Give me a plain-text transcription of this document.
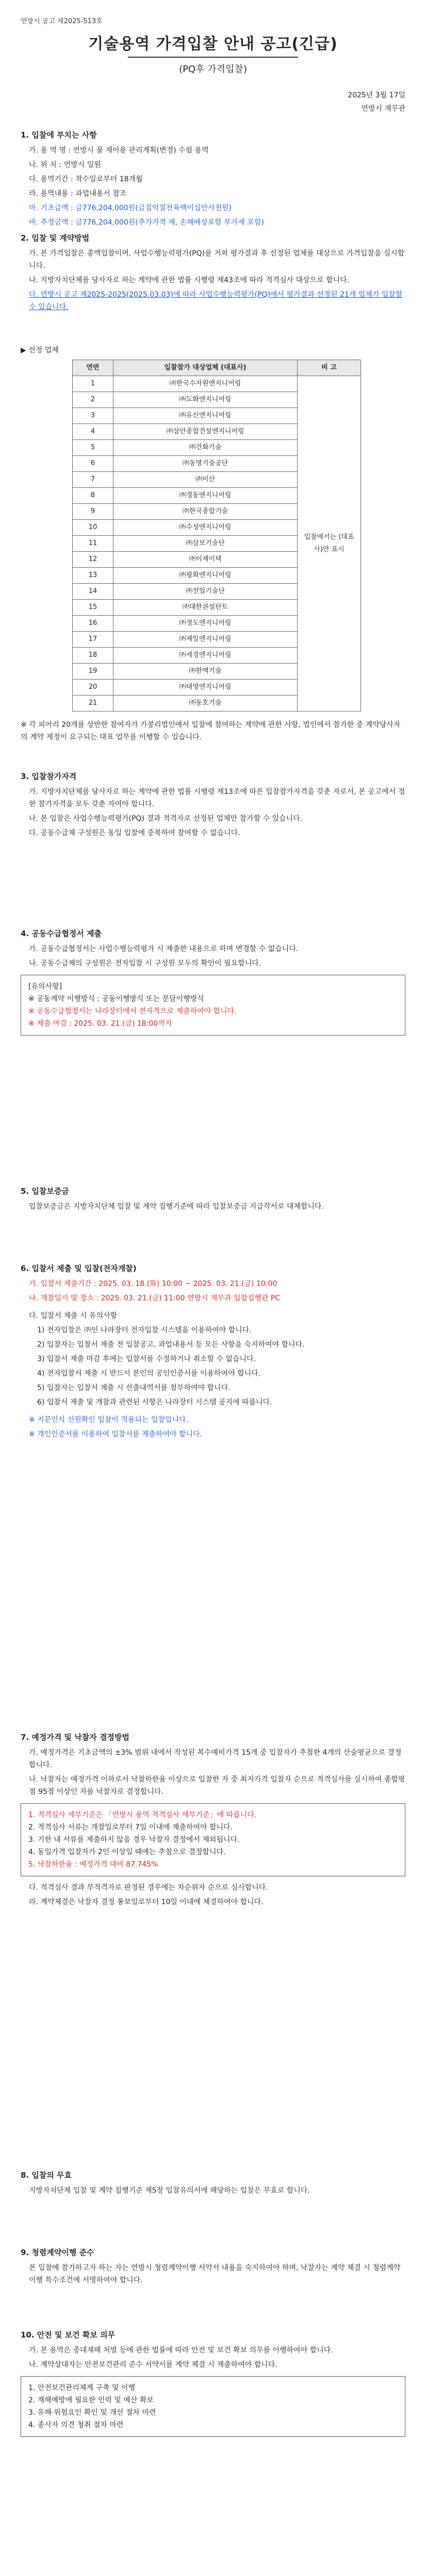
연방시 공고 제2025-513호
기술용역 가격입찰 안내 공고(긴급)
(PQ후 가격입찰)
2025년 3월 17일
연방시 재무관
1. 입찰에 부치는 사항
가. 용 역 명 : 연방시 물 재이용 관리계획(변경) 수립 용역
나. 위 치 : 연방시 일원
다. 용역기간 : 착수일로부터 18개월
라. 용역내용 : 과업내용서 참조
마. 기초금액 : 금776,204,000원(금칠억칠천육백이십만사천원)
바. 추정금액 : 금776,204,000원(추가가격 제, 손해배상포함 부가세 포함)
2. 입찰 및 계약방법
가. 본 가격입찰은 총액입찰이며, 사업수행능력평가(PQ)를 거쳐 평가결과 후 선정된 업체를 대상으로 가격입찰을 실시합니다.
나. 지방자치단체를 당사자로 하는 계약에 관한 법률 시행령 제43조에 따라 적격심사 대상으로 합니다.
다. 연방시 공고 제2025-2025(2025.03.03)에 따라 사업수행능력평가(PQ)에서 평가결과 선정된 21개 업체가 입찰할 수 있습니다.
▶ 선정 업체
연번	입찰참가 대상업체 (대표사)	비 고
1	㈜한국수자원엔지니어링	입찰에서는 (대표사)만 표시
2	㈜도화엔지니어링	
3	㈜유신엔지니어링	
4	㈜삼안종합건설엔지니어링	
5	㈜건화기술	
6	㈜동명기술공단	
7	㈜이산	
8	㈜경동엔지니어링	
9	㈜한국종합기술	
10	㈜수성엔지니어링	
11	㈜삼보기술단	
12	㈜이제이텍	
13	㈜평화엔지니어링	
14	㈜천일기술단	
15	㈜대한콘설탄트	
16	㈜정도엔지니어링	
17	㈜제일엔지니어링	
18	㈜세경엔지니어링	
19	㈜한맥기술	
20	㈜태영엔지니어링	
21	㈜동호기술	
※ 각 피어리 20개를 상반한 참여자가 가봉리법인에서 입찰에 참여하는 계약에 관한 사항, 법인에서 참가한 중 계약당사자의 계약 제정이 요구되는 대표 업무를 이행할 수 있습니다.
3. 입찰참가자격
가. 지방자치단체를 당사자로 하는 계약에 관한 법률 시행령 제13조에 따른 입찰참가자격을 갖춘 자로서, 본 공고에서 정한 참가자격을 모두 갖춘 자여야 합니다.
나. 본 입찰은 사업수행능력평가(PQ) 결과 적격자로 선정된 업체만 참가할 수 있습니다.
다. 공동수급체 구성원은 동일 입찰에 중복하여 참여할 수 없습니다.
4. 공동수급협정서 제출
가. 공동수급협정서는 사업수행능력평가 시 제출한 내용으로 하며 변경할 수 없습니다.
나. 공동수급체의 구성원은 전자입찰 시 구성원 모두의 확인이 필요합니다.
[유의사항]
※ 공동계약 이행방식 : 공동이행방식 또는 분담이행방식
※ 공동수급협정서는 나라장터에서 전자적으로 제출하여야 합니다.
※ 제출 마감 : 2025. 03. 21.(금) 18:00까지
5. 입찰보증금
입찰보증금은 지방자치단체 입찰 및 계약 집행기준에 따라 입찰보증금 지급각서로 대체합니다.
6. 입찰서 제출 및 입찰(전자개찰)
가. 입찰서 제출기간 : 2025. 03. 18.(화) 10:00 ~ 2025. 03. 21.(금) 10:00
나. 개찰일시 및 장소 : 2025. 03. 21.(금) 11:00 연방시 재무과 입찰집행관 PC
다. 입찰서 제출 시 유의사항
1) 전자입찰은 ㈜인 나라장터 전자입찰 시스템을 이용하여야 합니다.
2) 입찰자는 입찰서 제출 전 입찰공고, 과업내용서 등 모든 사항을 숙지하여야 합니다.
3) 입찰서 제출 마감 후에는 입찰서를 수정하거나 취소할 수 없습니다.
4) 전자입찰서 제출 시 반드시 본인의 공인인증서를 이용하여야 합니다.
5) 입찰자는 입찰서 제출 시 산출내역서를 첨부하여야 합니다.
6) 입찰서 제출 및 개찰과 관련된 사항은 나라장터 시스템 공지에 따릅니다.
※ 지문인식 신원확인 입찰이 적용되는 입찰입니다.
※ 개인인증서를 이용하여 입찰서를 제출하여야 합니다.
7. 예정가격 및 낙찰자 결정방법
가. 예정가격은 기초금액의 ±3% 범위 내에서 작성된 복수예비가격 15개 중 입찰자가 추첨한 4개의 산술평균으로 결정합니다.
나. 낙찰자는 예정가격 이하로서 낙찰하한율 이상으로 입찰한 자 중 최저가격 입찰자 순으로 적격심사를 실시하여 종합평점 95점 이상인 자를 낙찰자로 결정합니다.
1. 적격심사 세부기준은 「연방시 용역 적격심사 세부기준」에 따릅니다.
2. 적격심사 서류는 개찰일로부터 7일 이내에 제출하여야 합니다.
3. 기한 내 서류를 제출하지 않을 경우 낙찰자 결정에서 제외됩니다.
4. 동일가격 입찰자가 2인 이상일 때에는 추첨으로 결정합니다.
5. 낙찰하한율 : 예정가격 대비 87.745%
다. 적격심사 결과 부적격자로 판정된 경우에는 차순위자 순으로 심사합니다.
라. 계약체결은 낙찰자 결정 통보일로부터 10일 이내에 체결하여야 합니다.
8. 입찰의 무효
지방자치단체 입찰 및 계약 집행기준 제5장 입찰유의서에 해당하는 입찰은 무효로 합니다.
9. 청렴계약이행 준수
본 입찰에 참가하고자 하는 자는 연방시 청렴계약이행 서약서 내용을 숙지하여야 하며, 낙찰자는 계약 체결 시 청렴계약이행 특수조건에 서명하여야 합니다.
10. 안전 및 보건 확보 의무
가. 본 용역은 중대재해 처벌 등에 관한 법률에 따라 안전 및 보건 확보 의무를 이행하여야 합니다.
나. 계약상대자는 안전보건관리 준수 서약서를 계약 체결 시 제출하여야 합니다.
1. 안전보건관리체계 구축 및 이행
2. 재해예방에 필요한 인력 및 예산 확보
3. 유해·위험요인 확인 및 개선 절차 마련
4. 종사자 의견 청취 절차 마련
